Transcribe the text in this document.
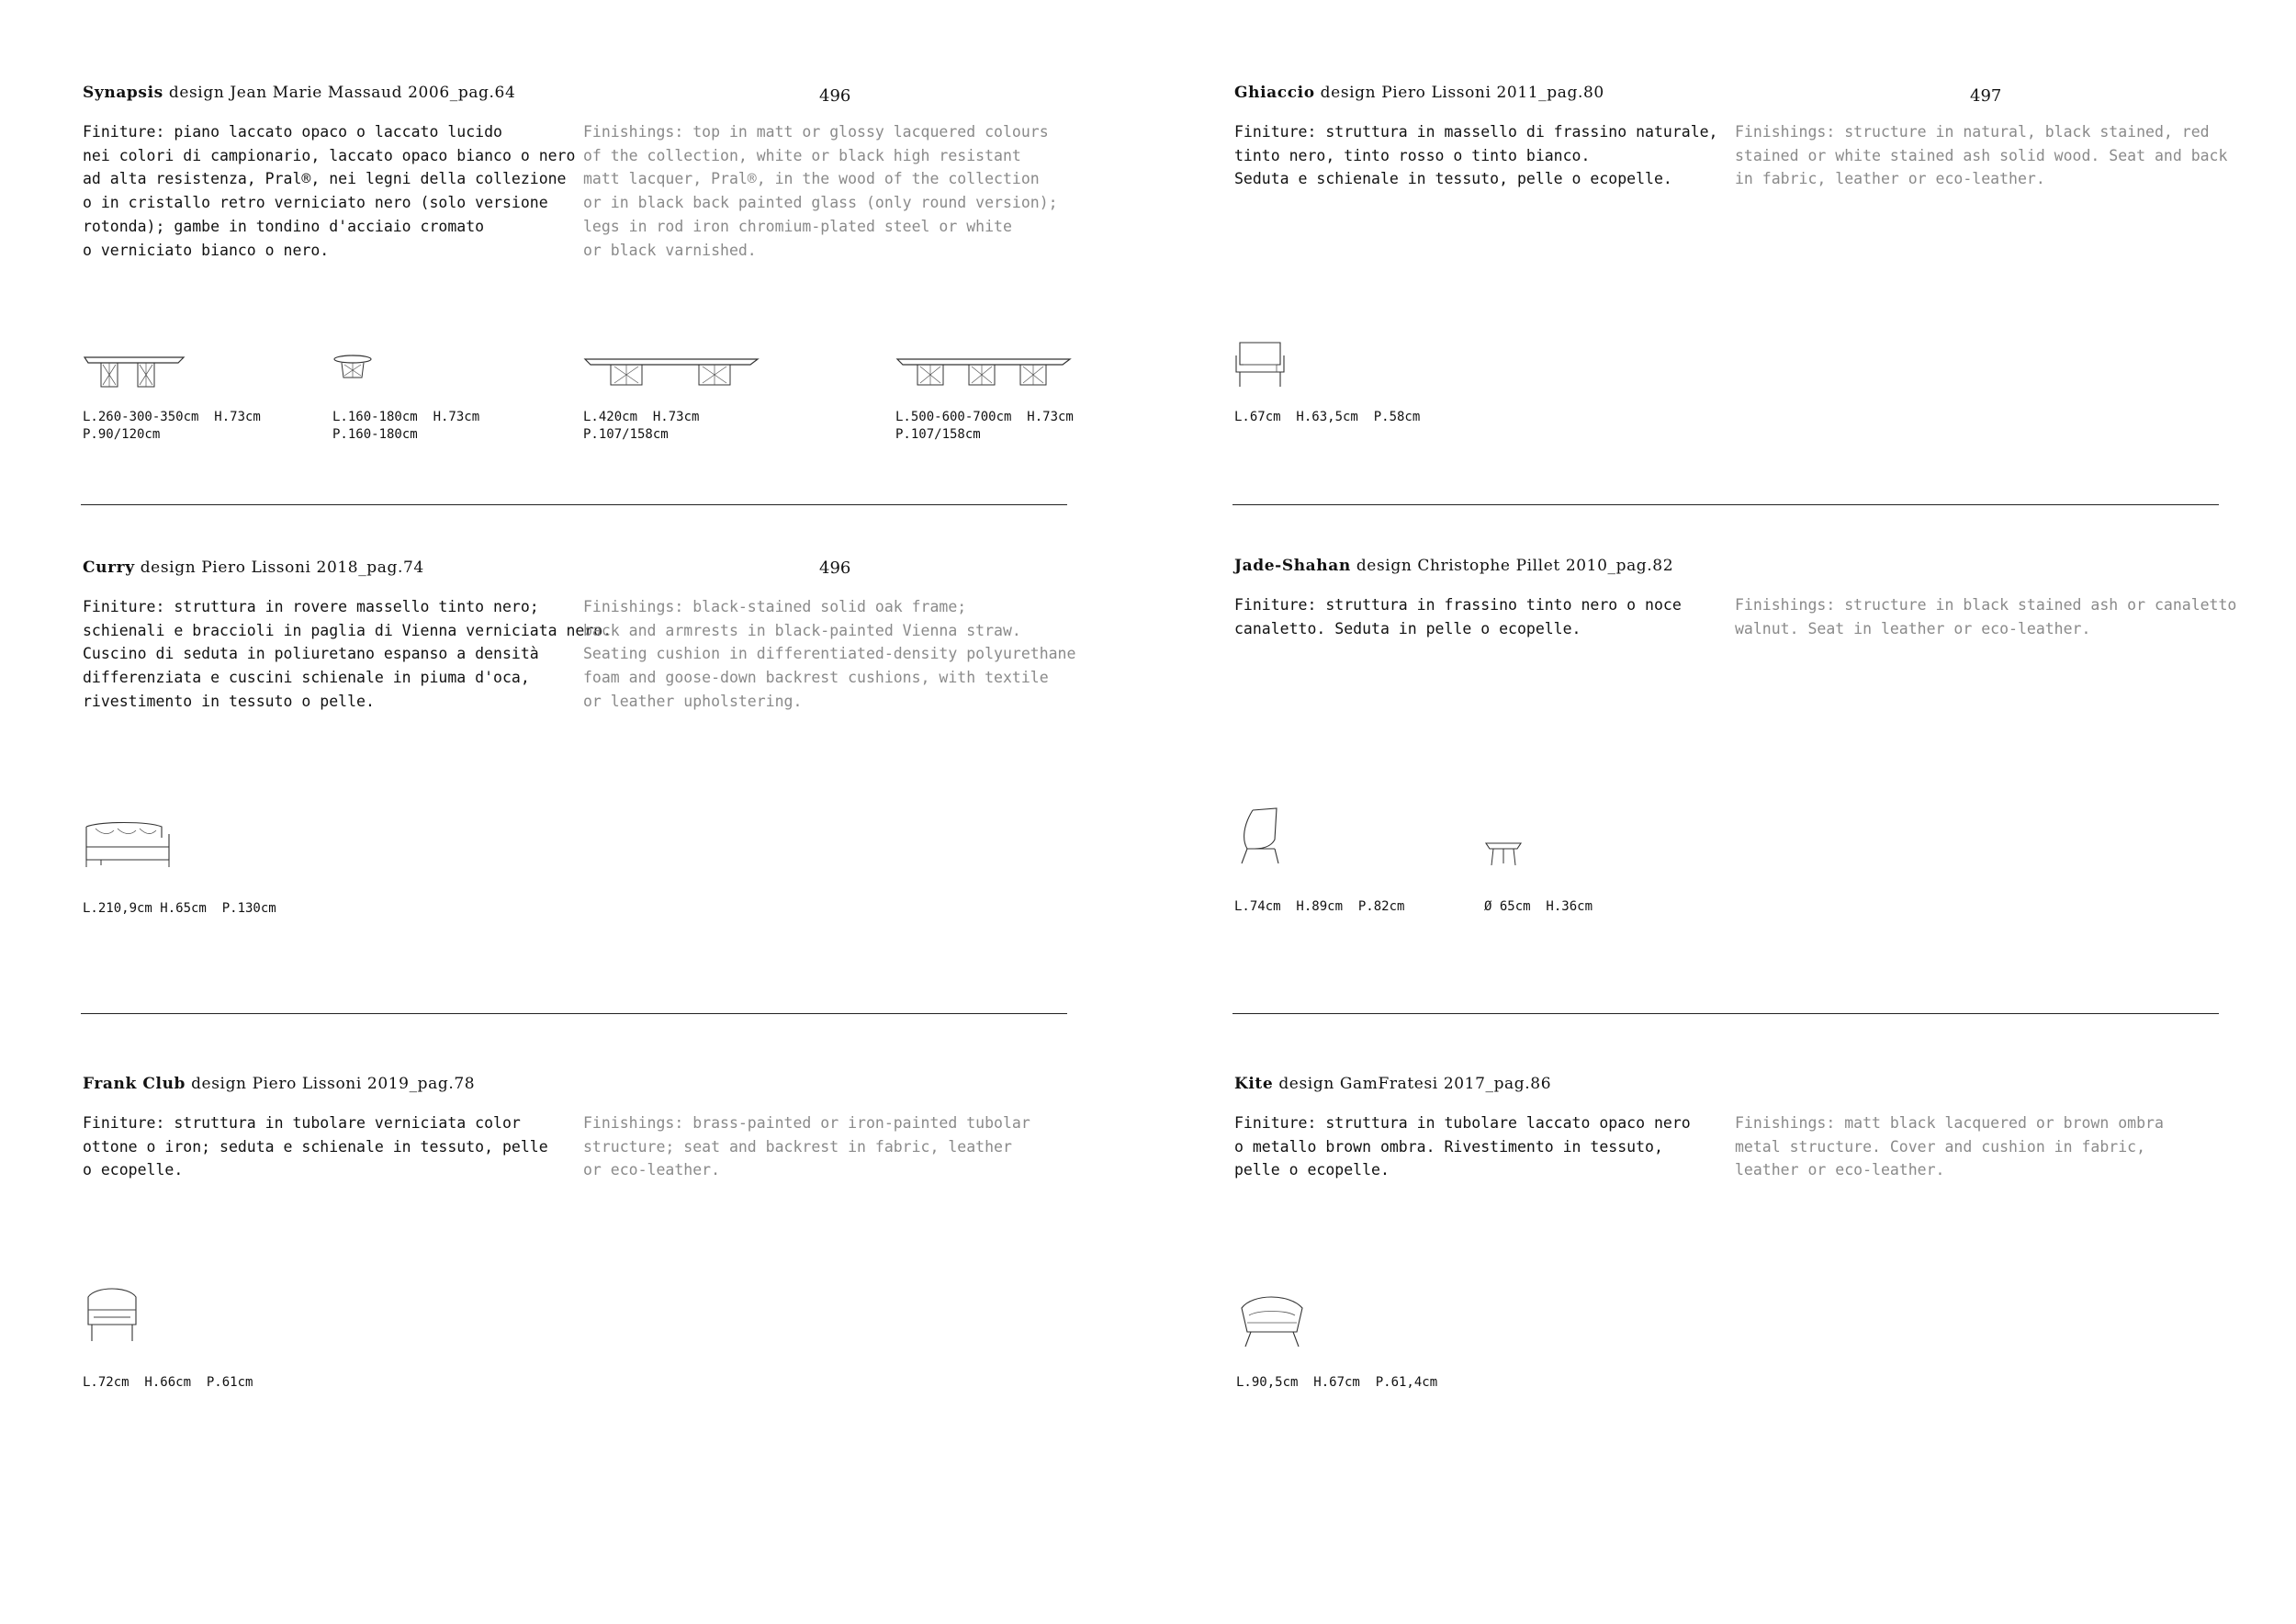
496
Synapsis design Jean Marie Massaud 2006_pag.64
Finiture: piano laccato opaco o laccato lucido
nei colori di campionario, laccato opaco bianco o nero
ad alta resistenza, Pral®, nei legni della collezione
o in cristallo retro verniciato nero (solo versione
rotonda); gambe in tondino d'acciaio cromato
o verniciato bianco o nero.
Finishings: top in matt or glossy lacquered colours
of the collection, white or black high resistant
matt lacquer, Pral®, in the wood of the collection
or in black back painted glass (only round version);
legs in rod iron chromium-plated steel or white
or black varnished.
L.260-300-350cm  H.73cm
P.90/120cm
L.160-180cm  H.73cm
P.160-180cm
L.420cm  H.73cm
P.107/158cm
L.500-600-700cm  H.73cm
P.107/158cm
Curry design Piero Lissoni 2018_pag.74	496
Finiture: struttura in rovere massello tinto nero;
schienali e braccioli in paglia di Vienna verniciata nero.
Cuscino di seduta in poliuretano espanso a densità
differenziata e cuscini schienale in piuma d'oca,
rivestimento in tessuto o pelle.
Finishings: black-stained solid oak frame;
back and armrests in black-painted Vienna straw.
Seating cushion in differentiated-density polyurethane
foam and goose-down backrest cushions, with textile
or leather upholstering.
L.210,9cm H.65cm  P.130cm
Frank Club design Piero Lissoni 2019_pag.78
Finiture: struttura in tubolare verniciata color
ottone o iron; seduta e schienale in tessuto, pelle
o ecopelle.
Finishings: brass-painted or iron-painted tubolar
structure; seat and backrest in fabric, leather
or eco-leather.
L.72cm  H.66cm  P.61cm
497
Ghiaccio design Piero Lissoni 2011_pag.80
Finiture: struttura in massello di frassino naturale,
tinto nero, tinto rosso o tinto bianco.
Seduta e schienale in tessuto, pelle o ecopelle.
Finishings: structure in natural, black stained, red
stained or white stained ash solid wood. Seat and back
in fabric, leather or eco-leather.
L.67cm  H.63,5cm  P.58cm
Jade-Shahan design Christophe Pillet 2010_pag.82
Finiture: struttura in frassino tinto nero o noce
canaletto. Seduta in pelle o ecopelle.
Finishings: structure in black stained ash or canaletto
walnut. Seat in leather or eco-leather.
L.74cm  H.89cm  P.82cm	Ø 65cm  H.36cm
Kite design GamFratesi 2017_pag.86
Finiture: struttura in tubolare laccato opaco nero
o metallo brown ombra. Rivestimento in tessuto,
pelle o ecopelle.
Finishings: matt black lacquered or brown ombra
metal structure. Cover and cushion in fabric,
leather or eco-leather.
L.90,5cm  H.67cm  P.61,4cm
